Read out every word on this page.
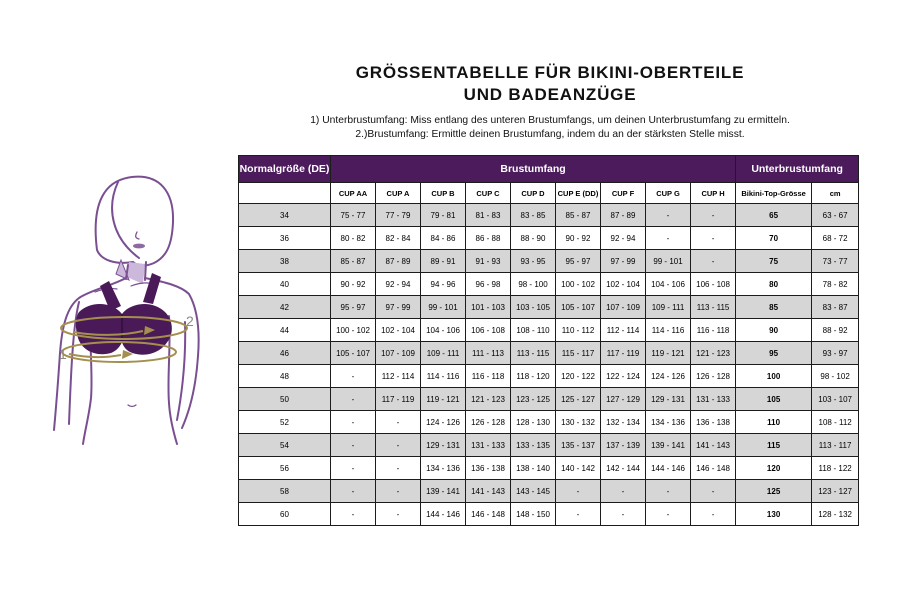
GRÖSSENTABELLE FÜR BIKINI-OBERTEILE
UND BADEANZÜGE
1) Unterbrustumfang: Miss entlang des unteren Brustumfangs, um deinen Unterbrustumfang zu ermitteln.
2.)Brustumfang: Ermittle deinen Brustumfang, indem du an der stärksten Stelle misst.
2
1
Normalgröße (DE)	Brustumfang									Unterbrustumfang	
	CUP AA	CUP A	CUP B	CUP C	CUP D	CUP E (DD)	CUP F	CUP G	CUP H	Bikini-Top-Grösse	cm
34	75 - 77	77 - 79	79 - 81	81 - 83	83 - 85	85 - 87	87 - 89	-	-	65	63 - 67
36	80 - 82	82 - 84	84 - 86	86 - 88	88 - 90	90 - 92	92 - 94	-	-	70	68 - 72
38	85 - 87	87 - 89	89 - 91	91 - 93	93 - 95	95 - 97	97 - 99	99 - 101	-	75	73 - 77
40	90 - 92	92 - 94	94 - 96	96 - 98	98 - 100	100 - 102	102 - 104	104 - 106	106 - 108	80	78 - 82
42	95 - 97	97 - 99	99 - 101	101 - 103	103 - 105	105 - 107	107 - 109	109 - 111	113 - 115	85	83 - 87
44	100 - 102	102 - 104	104 - 106	106 - 108	108 - 110	110 - 112	112 - 114	114 - 116	116 - 118	90	88 - 92
46	105 - 107	107 - 109	109 - 111	111 - 113	113 - 115	115 - 117	117 - 119	119 - 121	121 - 123	95	93 - 97
48	-	112 - 114	114 - 116	116 - 118	118 - 120	120 - 122	122 - 124	124 - 126	126 - 128	100	98 - 102
50	-	117 - 119	119 - 121	121 - 123	123 - 125	125 - 127	127 - 129	129 - 131	131 - 133	105	103 - 107
52	-	-	124 - 126	126 - 128	128 - 130	130 - 132	132 - 134	134 - 136	136 - 138	110	108 - 112
54	-	-	129 - 131	131 - 133	133 - 135	135 - 137	137 - 139	139 - 141	141 - 143	115	113 - 117
56	-	-	134 - 136	136 - 138	138 - 140	140 - 142	142 - 144	144 - 146	146 - 148	120	118 - 122
58	-	-	139 - 141	141 - 143	143 - 145	-	-	-	-	125	123 - 127
60	-	-	144 - 146	146 - 148	148 - 150	-	-	-	-	130	128 - 132
